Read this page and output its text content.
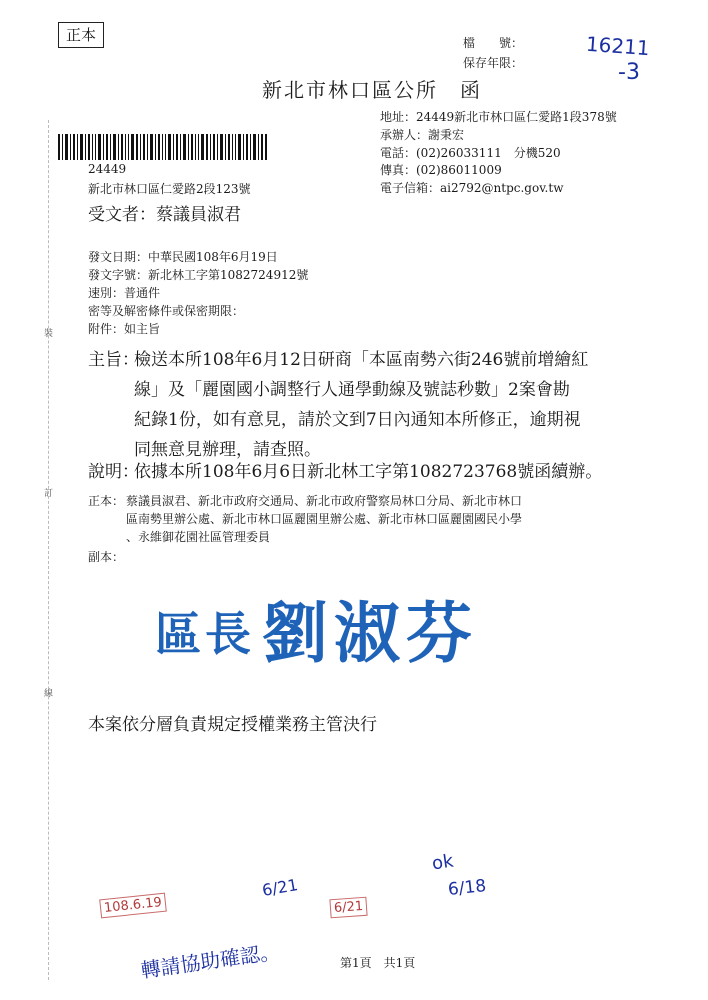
正本	檔　　號：
保存年限：
16211
-3
新北市林口區公所　函
地址：24449新北市林口區仁愛路1段378號
承辦人：謝秉宏
電話：(02)26033111　分機520
傳真：(02)86011009
電子信箱：ai2792@ntpc.gov.tw
24449
新北市林口區仁愛路2段123號
受文者：蔡議員淑君
發文日期：中華民國108年6月19日
發文字號：新北林工字第1082724912號
速別：普通件
密等及解密條件或保密期限：
附件：如主旨
主旨：
檢送本所108年6月12日研商「本區南勢六街246號前增繪紅
線」及「麗園國小調整行人通學動線及號誌秒數」2案會勘
紀錄1份，如有意見，請於文到7日內通知本所修正，逾期視
同無意見辦理，請查照。
說明：
依據本所108年6月6日新北林工字第1082723768號函續辦。
正本： 蔡議員淑君、新北市政府交通局、新北市政府警察局林口分局、新北市林口
區南勢里辦公處、新北市林口區麗園里辦公處、新北市林口區麗園國民小學
、永維御花園社區管理委員
副本：
區長 劉淑芬
本案依分層負責規定授權業務主管決行
裝
訂
線
ok
6/18
轉請協助確認。
108.6.19
6/21
6/21
第1頁　共1頁
